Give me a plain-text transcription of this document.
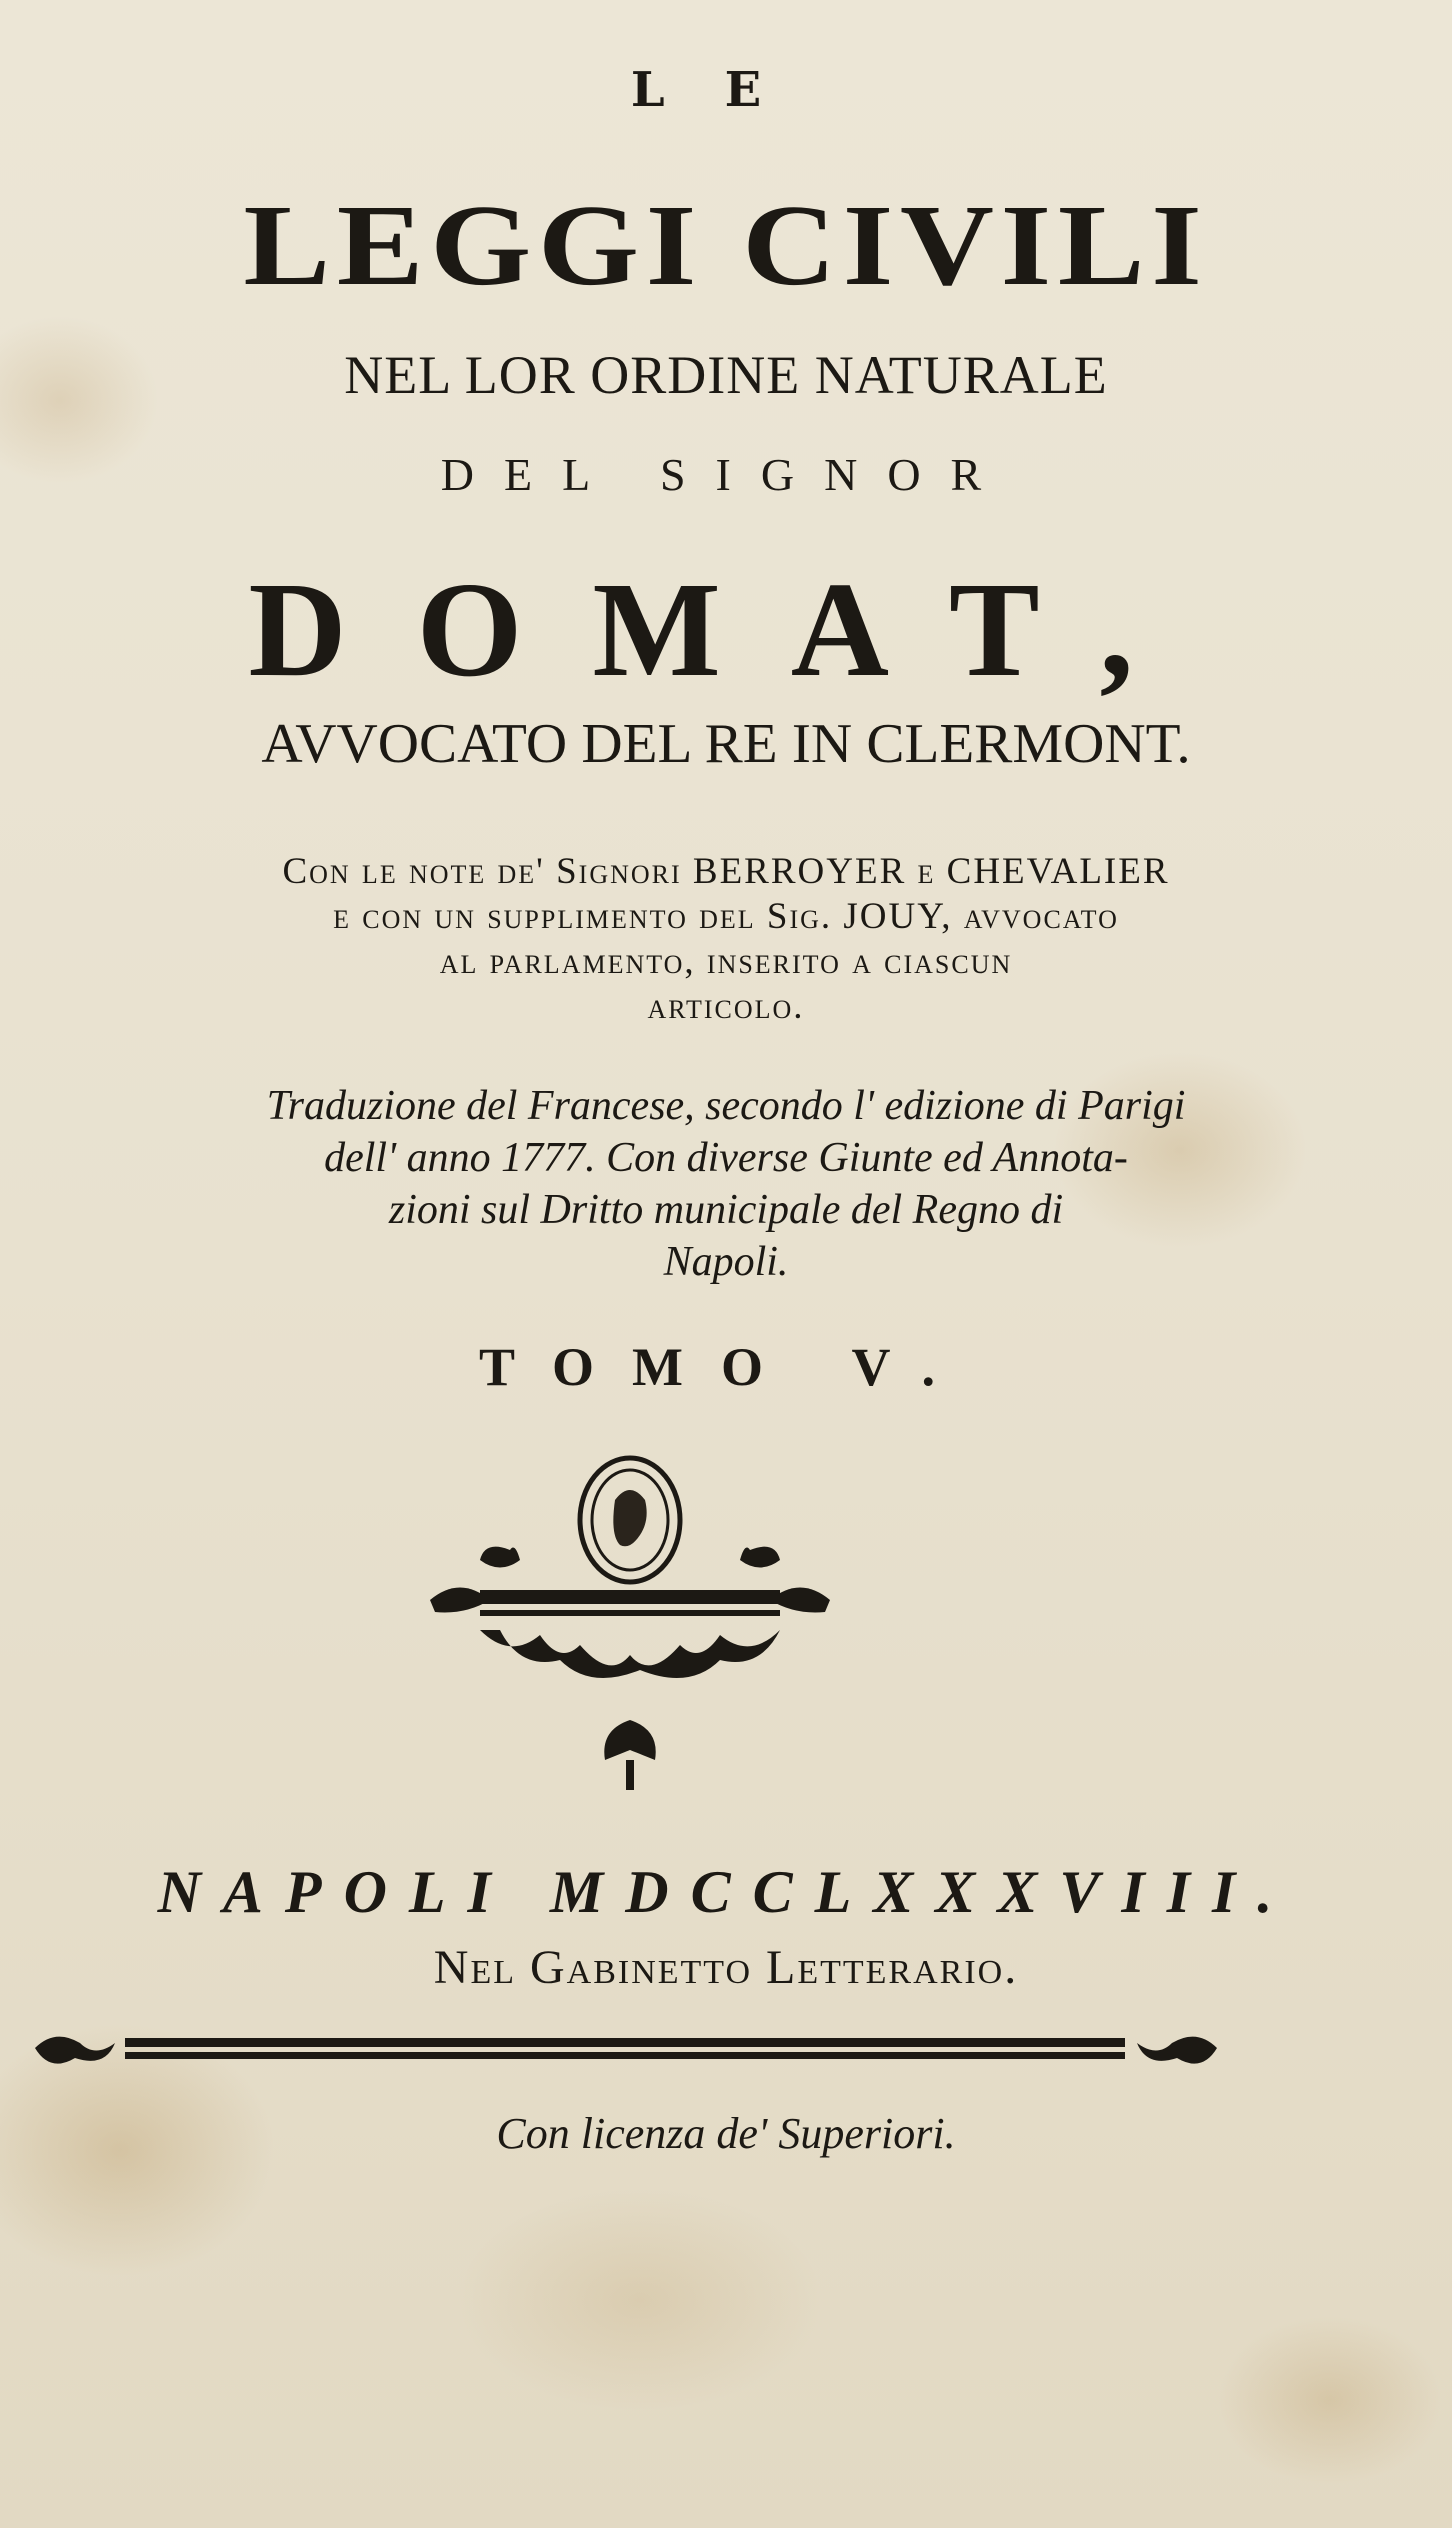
LE
LEGGI CIVILI
NEL LOR ORDINE NATURALE
DEL SIGNOR
DOMAT,
AVVOCATO DEL RE IN CLERMONT.
Con le note de' Signori BERROYER e CHEVALIER
e con un supplimento del Sig. JOUY, avvocato
al parlamento, inserito a ciascun
articolo.
Traduzione del Francese, secondo l' edizione di Parigi
dell' anno 1777. Con diverse Giunte ed Annota-
zioni sul Dritto municipale del Regno di
Napoli.
TOMO V.
NAPOLI MDCCLXXXVIII.
Nel Gabinetto Letterario.
Con licenza de' Superiori.
